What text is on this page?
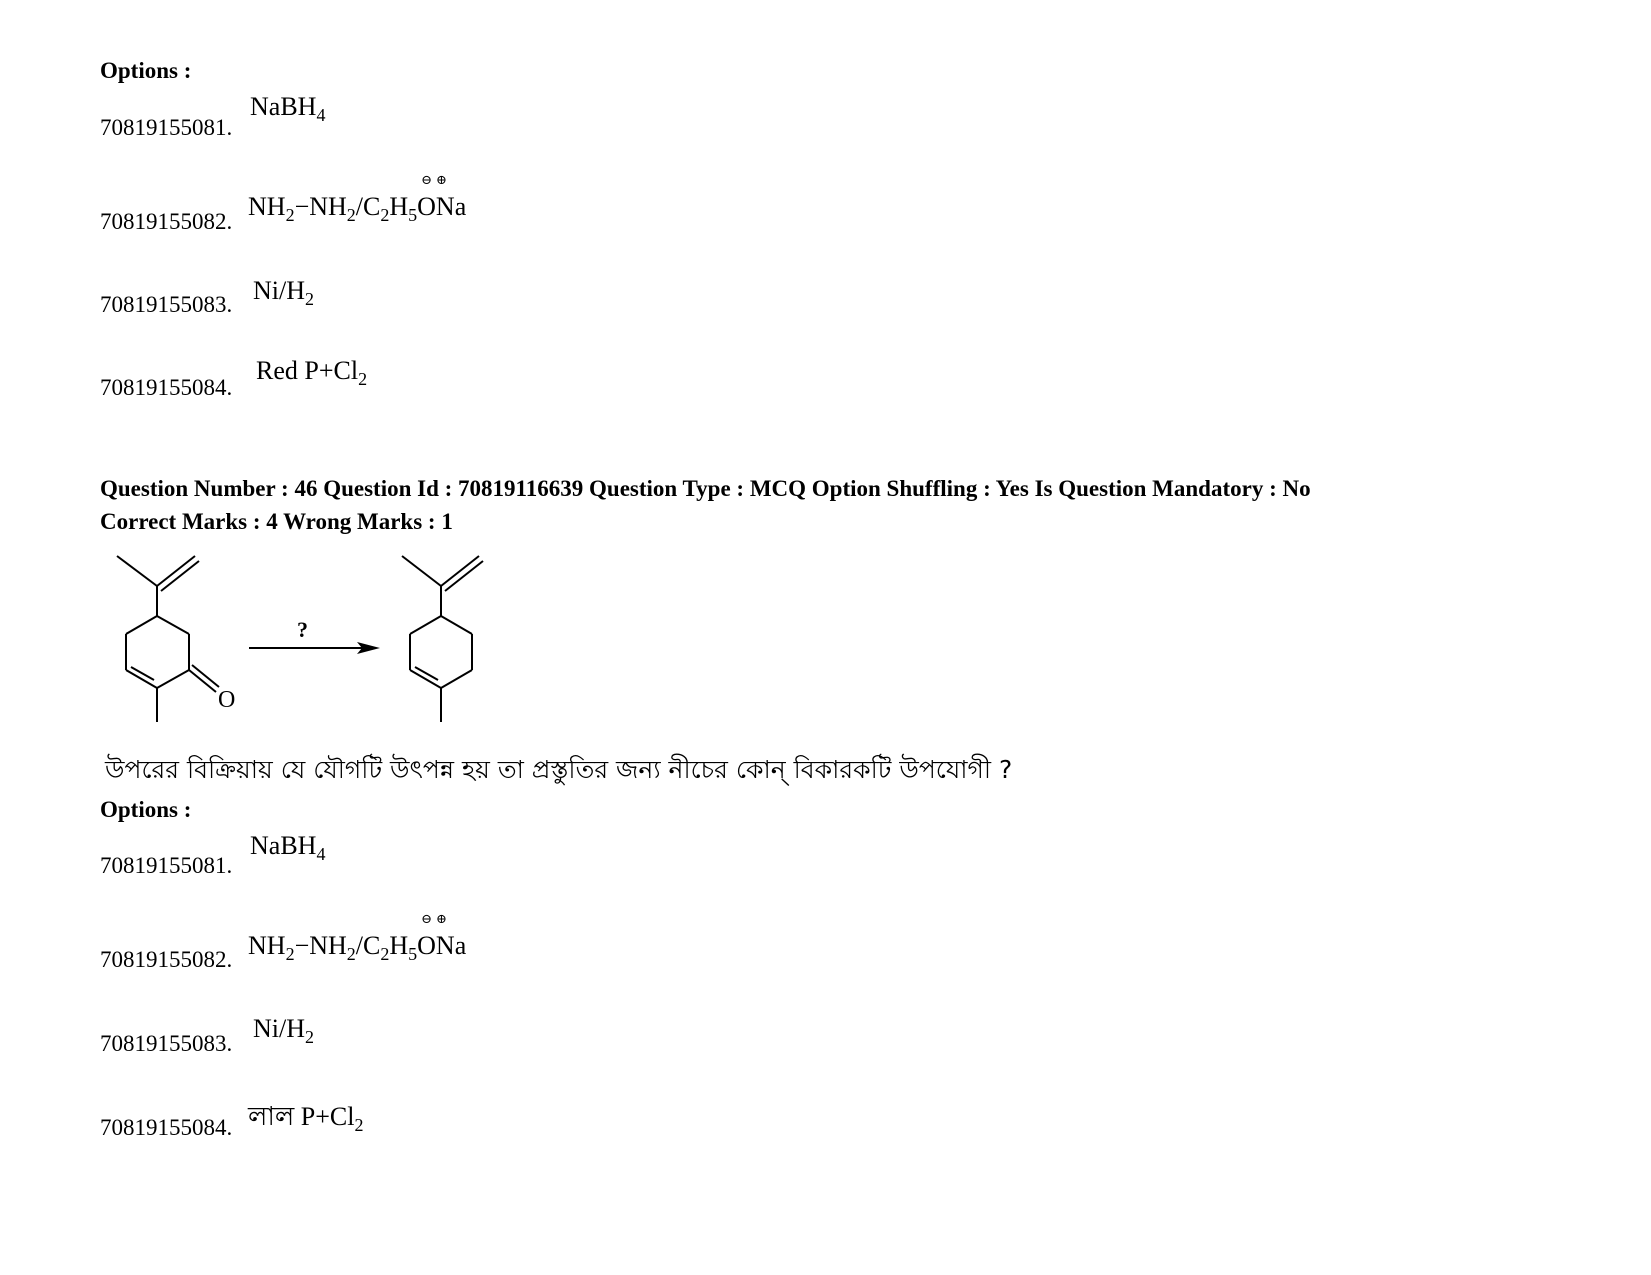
Options :
70819155081.
NaBH$_4$
70819155082.
$NH_2-NH_2/C_2H_5$
⊖⊕
ONa
70819155083. $Ni/H_2$
70819155084.
Red $P+Cl_2$
Question Number : 46 Question Id : 70819116639 Question Type : MCQ Option Shuffling : Yes Is Question Mandatory : No
Correct Marks : 4 Wrong Marks : 1
O
?
উপরের বিক্রিয়ায় যে যৌগটি উৎপন্ন হয় তা প্রস্তুতির জন্য নীচের কোন্ বিকারকটি উপযোগী ?
Options :
70819155081.
NaBH$_4$
70819155082. $NH_2-NH_2/C_2H_5$
⊖⊕
ONa
70819155083.
$Ni/H_2$
70819155084. লাল $P+Cl_2$
